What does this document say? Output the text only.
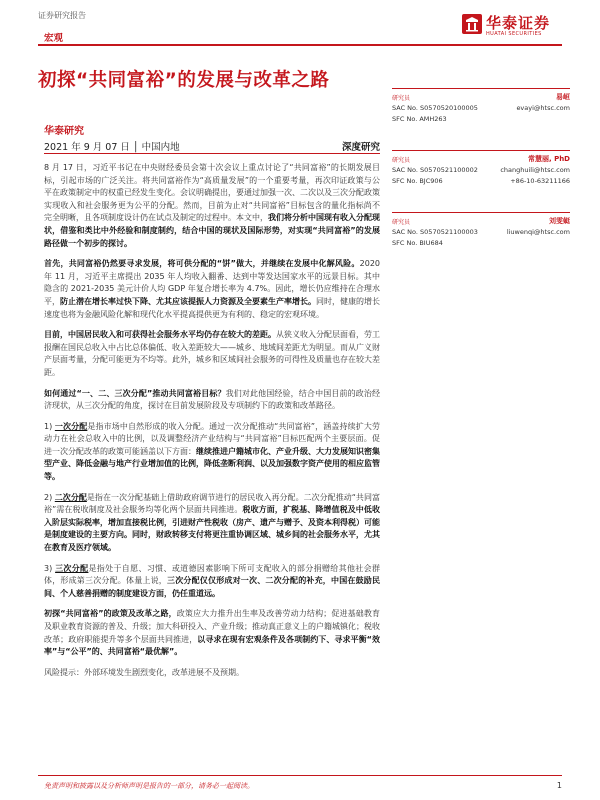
证券研究报告
宏观
华泰证券
HUATAI SECURITIES
初探“共同富裕”的发展与改革之路
华泰研究
2021 年 9 月 07 日 │ 中国内地	深度研究
研究员	易峘
SAC No. S0570520100005
SFC No. AMH263
evayi@htsc.com
研究员	常慧丽, PhD
SAC No. S0570521100002
SFC No. BJC906
changhuili@htsc.com
+86-10-63211166
研究员	刘雯蜓
SAC No. S0570521100003
SFC No. BIU684
liuwenqi@htsc.com

8 月 17 日，习近平书记在中央财经委员会第十次会议上重点讨论了“共同富裕”的长期发展目标，引起市场的广泛关注。将共同富裕作为“高质量发展”的一个重要考量，再次印证政策与公平在政策制定中的权重已经发生变化。会议明确提出，要通过加强一次、二次以及三次分配政策实现收入和社会服务更为公平的分配。然而，目前为止对“共同富裕”目标包含的量化指标尚不完全明晰，且各项制度设计仍在试点及制定的过程中。本文中，我们将分析中国现有收入分配现状，借鉴和类比中外经验和制度制约，结合中国的现状及国际形势，对实现“共同富裕”的发展路径做一个初步的探讨。

首先，共同富裕仍然要寻求发展，将可供分配的“饼”做大，并继续在发展中化解风险。2020 年 11 月，习近平主席提出 2035 年人均收入翻番、达到中等发达国家水平的远景目标。其中隐含的 2021-2035 美元计价人均 GDP 年复合增长率为 4.7%。因此，增长仍应维持在合理水平，防止潜在增长率过快下降、尤其应该提振人力资源及全要素生产率增长。同时，健康的增长速度也将为金融风险化解和现代化水平提高提供更为有利的、稳定的宏观环境。

目前，中国居民收入和可获得社会服务水平均仍存在较大的差距。从狭义收入分配层面看，劳工报酬在国民总收入中占比总体偏低、收入差距较大——城乡、地域间差距尤为明显。而从广义财产层面考量，分配可能更为不均等。此外，城乡和区域间社会服务的可得性及质量也存在较大差距。

如何通过“一、二、三次分配”推动共同富裕目标？我们对此他国经验，结合中国目前的政治经济现状，从三次分配的角度，探讨在目前发展阶段及专项制约下的政策和改革路径。

1) 一次分配是指市场中自然形成的收入分配。通过一次分配推动“共同富裕”，涵盖持续扩大劳动力在社会总收入中的比例，以及调整经济产业结构与“共同富裕”目标匹配两个主要层面。促进一次分配改革的政策可能涵盖以下方面：继续推进户籍城市化、产业升级、大力发展知识密集型产业、降低金融与地产行业增加值的比例，降低垄断利润、以及加强数字资产使用的相应监管等。

2) 二次分配是指在一次分配基础上借助政府调节进行的居民收入再分配。二次分配推动“共同富裕”需在税收制度及社会服务均等化两个层面共同推进。税收方面，扩税基、降增值税及中低收入阶层实际税率，增加直接税比例，引进财产性税收（房产、遗产与赠予、及资本利得税）可能是制度建设的主要方向。同时，财政转移支付将更注重协调区域、城乡间的社会服务水平，尤其在教育及医疗领域。

3) 三次分配是指处于自愿、习惯、或道德因素影响下所可支配收入的部分捐赠给其他社会群体，形成第三次分配。体量上说，三次分配仅仅形成对一次、二次分配的补充，中国在鼓励民间、个人慈善捐赠的制度建设方面，仍任重道远。

初探“共同富裕”的政策及改革之路，政策应大力推升出生率及改善劳动力结构；促进基础教育及职业教育资源的普及、升级；加大科研投入、产业升级；推动真正意义上的户籍城镇化；税收改革；政府职能提升等多个层面共同推进，以寻求在现有宏观条件及各项制约下、寻求平衡“效率”与“公平”的、共同富裕“最优解”。

风险提示：外部环境发生剧烈变化，改革进展不及预期。

免责声明和披露以及分析师声明是报告的一部分，请务必一起阅读。	1
